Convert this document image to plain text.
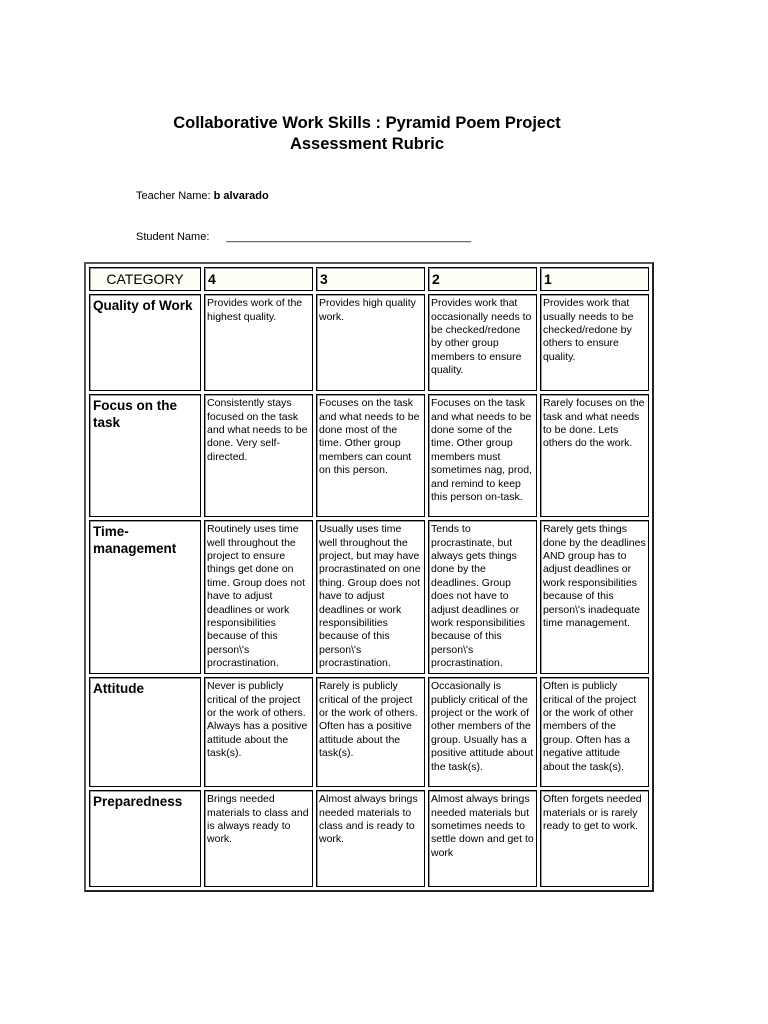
Collaborative Work Skills : Pyramid Poem Project
Assessment Rubric
Teacher Name: b alvarado
Student Name: ________________________________________
CATEGORY	4	3	2	1
Quality of Work	Provides work of the highest quality.	Provides high quality work.	Provides work that occasionally needs to be checked/redone by other group members to ensure quality.	Provides work that usually needs to be checked/redone by others to ensure quality.
Focus on the task	Consistently stays focused on the task and what needs to be done. Very self-directed.	Focuses on the task and what needs to be done most of the time. Other group members can count on this person.	Focuses on the task and what needs to be done some of the time. Other group members must sometimes nag, prod, and remind to keep this person on-task.	Rarely focuses on the task and what needs to be done. Lets others do the work.
Time-management	Routinely uses time well throughout the project to ensure things get done on time. Group does not have to adjust deadlines or work responsibilities because of this person\'s procrastination.	Usually uses time well throughout the project, but may have procrastinated on one thing. Group does not have to adjust deadlines or work responsibilities because of this person\'s procrastination.	Tends to procrastinate, but always gets things done by the deadlines. Group does not have to adjust deadlines or work responsibilities because of this person\'s procrastination.	Rarely gets things done by the deadlines AND group has to adjust deadlines or work responsibilities because of this person\'s inadequate time management.
Attitude	Never is publicly critical of the project or the work of others. Always has a positive attitude about the task(s).	Rarely is publicly critical of the project or the work of others. Often has a positive attitude about the task(s).	Occasionally is publicly critical of the project or the work of other members of the group. Usually has a positive attitude about the task(s).	Often is publicly critical of the project or the work of other members of the group. Often has a negative attitude about the task(s).
Preparedness	Brings needed materials to class and is always ready to work.	Almost always brings needed materials to class and is ready to work.	Almost always brings needed materials but sometimes needs to settle down and get to work	Often forgets needed materials or is rarely ready to get to work.
